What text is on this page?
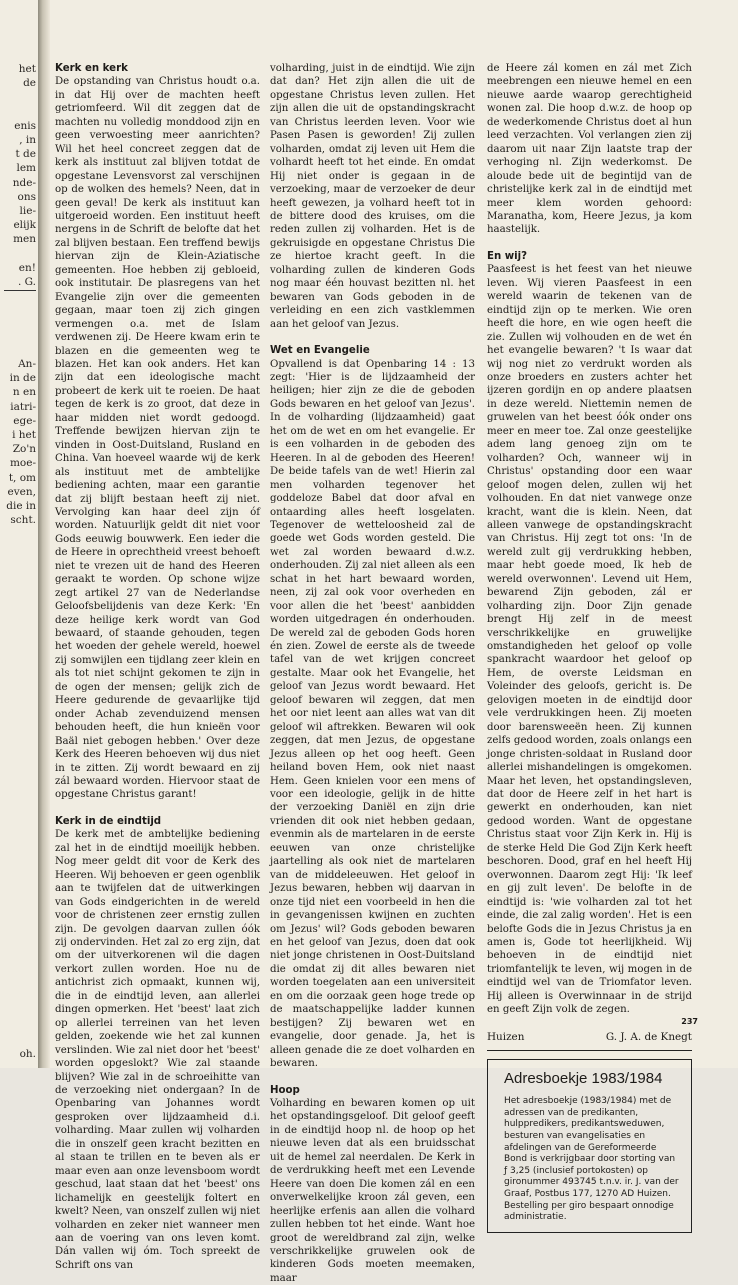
het
de
enis
, in
t de
lem
nde-
ons
lie-
elijk
men
en!
. G.
An-
in de
n en
iatri-
ege-
i het
Zo'n
moe-
t, om
even,
die in
scht.
oh.
Kerk en kerk

De opstanding van Christus houdt o.a. in dat Hij over de machten heeft getriomfeerd. Wil dit zeggen dat de machten nu volledig monddood zijn en geen verwoesting meer aanrichten? Wil het heel concreet zeggen dat de kerk als instituut zal blijven totdat de opgestane Levensvorst zal verschijnen op de wolken des hemels? Neen, dat in geen geval! De kerk als instituut kan uitgeroeid worden. Een instituut heeft nergens in de Schrift de belofte dat het zal blijven bestaan. Een treffend bewijs hiervan zijn de Klein-Aziatische gemeenten. Hoe hebben zij gebloeid, ook institutair. De plasregens van het Evangelie zijn over die gemeenten gegaan, maar toen zij zich gingen vermengen o.a. met de Islam verdwenen zij. De Heere kwam erin te blazen en die gemeenten weg te blazen. Het kan ook anders. Het kan zijn dat een ideologische macht probeert de kerk uit te roeien. De haat tegen de kerk is zo groot, dat deze in haar midden niet wordt gedoogd. Treffende bewijzen hiervan zijn te vinden in Oost-Duitsland, Rusland en China. Van hoeveel waarde wij de kerk als instituut met de ambtelijke bediening achten, maar een garantie dat zij blijft bestaan heeft zij niet. Vervolging kan haar deel zijn óf worden. Natuurlijk geldt dit niet voor Gods eeuwig bouwwerk. Een ieder die de Heere in oprechtheid vreest behoeft niet te vrezen uit de hand des Heeren geraakt te worden. Op schone wijze zegt artikel 27 van de Nederlandse Geloofsbelijdenis van deze Kerk: 'En deze heilige kerk wordt van God bewaard, of staande gehouden, tegen het woeden der gehele wereld, hoewel zij somwijlen een tijdlang zeer klein en als tot niet schijnt gekomen te zijn in de ogen der mensen; gelijk zich de Heere gedurende de gevaarlijke tijd onder Achab zevenduizend mensen behouden heeft, die hun knieën voor Baäl niet gebogen hebben.' Over deze Kerk des Heeren behoeven wij dus niet in te zitten. Zij wordt bewaard en zij zál bewaard worden. Hiervoor staat de opgestane Christus garant!

Kerk in de eindtijd

De kerk met de ambtelijke bediening zal het in de eindtijd moeilijk hebben. Nog meer geldt dit voor de Kerk des Heeren. Wij behoeven er geen ogenblik aan te twijfelen dat de uitwerkingen van Gods eindgerichten in de wereld voor de christenen zeer ernstig zullen zijn. De gevolgen daarvan zullen óók zij ondervinden. Het zal zo erg zijn, dat om der uitverkorenen wil die dagen verkort zullen worden. Hoe nu de antichrist zich opmaakt, kunnen wij, die in de eindtijd leven, aan allerlei dingen opmerken. Het 'beest' laat zich op allerlei terreinen van het leven gelden, zoekende wie het zal kunnen verslinden. Wie zal niet door het 'beest' worden opgeslokt? Wie zal staande blijven? Wie zal in de schroeihitte van de verzoeking niet ondergaan? In de Openbaring van Johannes wordt gesproken over lijdzaamheid d.i. volharding. Maar zullen wij volharden die in onszelf geen kracht bezitten en al staan te trillen en te beven als er maar even aan onze levensboom wordt geschud, laat staan dat het 'beest' ons lichamelijk en geestelijk foltert en kwelt? Neen, van onszelf zullen wij niet volharden en zeker niet wanneer men aan de voering van ons leven komt. Dán vallen wij óm. Toch spreekt de Schrift ons van

volharding, juist in de eindtijd. Wie zijn dat dan? Het zijn allen die uit de opgestane Christus leven zullen. Het zijn allen die uit de opstandingskracht van Christus leerden leven. Voor wie Pasen Pasen is geworden! Zij zullen volharden, omdat zij leven uit Hem die volhardt heeft tot het einde. En omdat Hij niet onder is gegaan in de verzoeking, maar de verzoeker de deur heeft gewezen, ja volhard heeft tot in de bittere dood des kruises, om die reden zullen zij volharden. Het is de gekruisigde en opgestane Christus Die ze hiertoe kracht geeft. In die volharding zullen de kinderen Gods nog maar één houvast bezitten nl. het bewaren van Gods geboden in de verleiding en een zich vastklemmen aan het geloof van Jezus.

Wet en Evangelie

Opvallend is dat Openbaring 14 : 13 zegt: 'Hier is de lijdzaamheid der heiligen; hier zijn ze die de geboden Gods bewaren en het geloof van Jezus'. In de volharding (lijdzaamheid) gaat het om de wet en om het evangelie. Er is een volharden in de geboden des Heeren. In al de geboden des Heeren! De beide tafels van de wet! Hierin zal men volharden tegenover het goddeloze Babel dat door afval en ontaarding alles heeft losgelaten. Tegenover de wetteloosheid zal de goede wet Gods worden gesteld. Die wet zal worden bewaard d.w.z. onderhouden. Zij zal niet alleen als een schat in het hart bewaard worden, neen, zij zal ook voor overheden en voor allen die het 'beest' aanbidden worden uitgedragen én onderhouden. De wereld zal de geboden Gods horen én zien. Zowel de eerste als de tweede tafel van de wet krijgen concreet gestalte. Maar ook het Evangelie, het geloof van Jezus wordt bewaard. Het geloof bewaren wil zeggen, dat men het oor niet leent aan alles wat van dit geloof wil aftrekken. Bewaren wil ook zeggen, dat men Jezus, de opgestane Jezus alleen op het oog heeft. Geen heiland boven Hem, ook niet naast Hem. Geen knielen voor een mens of voor een ideologie, gelijk in de hitte der verzoeking Daniël en zijn drie vrienden dit ook niet hebben gedaan, evenmin als de martelaren in de eerste eeuwen van onze christelijke jaartelling als ook niet de martelaren van de middeleeuwen. Het geloof in Jezus bewaren, hebben wij daarvan in onze tijd niet een voorbeeld in hen die in gevangenissen kwijnen en zuchten om Jezus' wil? Gods geboden bewaren en het geloof van Jezus, doen dat ook niet jonge christenen in Oost-Duitsland die omdat zij dit alles bewaren niet worden toegelaten aan een universiteit en om die oorzaak geen hoge trede op de maatschappelijke ladder kunnen bestijgen? Zij bewaren wet en evangelie, door genade. Ja, het is alleen genade die ze doet volharden en bewaren.

Hoop

Volharding en bewaren komen op uit het opstandingsgeloof. Dit geloof geeft in de eindtijd hoop nl. de hoop op het nieuwe leven dat als een bruidsschat uit de hemel zal neerdalen. De Kerk in de verdrukking heeft met een Levende Heere van doen Die komen zál en een onverwelkelijke kroon zál geven, een heerlijke erfenis aan allen die volhard zullen hebben tot het einde. Want hoe groot de wereldbrand zal zijn, welke verschrikkelijke gruwelen ook de kinderen Gods moeten meemaken, maar

de Heere zál komen en zál met Zich meebrengen een nieuwe hemel en een nieuwe aarde waarop gerechtigheid wonen zal. Die hoop d.w.z. de hoop op de wederkomende Christus doet al hun leed verzachten. Vol verlangen zien zij daarom uit naar Zijn laatste trap der verhoging nl. Zijn wederkomst. De aloude bede uit de begintijd van de christelijke kerk zal in de eindtijd met meer klem worden gehoord: Maranatha, kom, Heere Jezus, ja kom haastelijk.

En wij?

Paasfeest is het feest van het nieuwe leven. Wij vieren Paasfeest in een wereld waarin de tekenen van de eindtijd zijn op te merken. Wie oren heeft die hore, en wie ogen heeft die zie. Zullen wij volhouden en de wet én het evangelie bewaren? 't Is waar dat wij nog niet zo verdrukt worden als onze broeders en zusters achter het ijzeren gordijn en op andere plaatsen in deze wereld. Niettemin nemen de gruwelen van het beest óók onder ons meer en meer toe. Zal onze geestelijke adem lang genoeg zijn om te volharden? Och, wanneer wij in Christus' opstanding door een waar geloof mogen delen, zullen wij het volhouden. En dat niet vanwege onze kracht, want die is klein. Neen, dat alleen vanwege de opstandingskracht van Christus. Hij zegt tot ons: 'In de wereld zult gij verdrukking hebben, maar hebt goede moed, Ik heb de wereld overwonnen'. Levend uit Hem, bewarend Zijn geboden, zál er volharding zijn. Door Zijn genade brengt Hij zelf in de meest verschrikkelijke en gruwelijke omstandigheden het geloof op volle spankracht waardoor het geloof op Hem, de overste Leidsman en Voleinder des geloofs, gericht is. De gelovigen moeten in de eindtijd door vele verdrukkingen heen. Zij moeten door barensweeën heen. Zij kunnen zelfs gedood worden, zoals onlangs een jonge christen-soldaat in Rusland door allerlei mishandelingen is omgekomen. Maar het leven, het opstandingsleven, dat door de Heere zelf in het hart is gewerkt en onderhouden, kan niet gedood worden. Want de opgestane Christus staat voor Zijn Kerk in. Hij is de sterke Held Die God Zijn Kerk heeft beschoren. Dood, graf en hel heeft Hij overwonnen. Daarom zegt Hij: 'Ik leef en gij zult leven'. De belofte in de eindtijd is: 'wie volharden zal tot het einde, die zal zalig worden'. Het is een belofte Gods die in Jezus Christus ja en amen is, Gode tot heerlijkheid. Wij behoeven in de eindtijd niet triomfantelijk te leven, wij mogen in de eindtijd wel van de Triomfator leven. Hij alleen is Overwinnaar in de strijd en geeft Zijn volk de zegen.

Huizen	G. J. A. de Knegt
Adresboekje 1983/1984

Het adresboekje (1983/1984) met de adressen van de predikanten, hulppredikers, predikantsweduwen, besturen van evangelisaties en afdelingen van de Gereformeerde Bond is verkrijgbaar door storting van ƒ 3,25 (inclusief portokosten) op gironummer 493745 t.n.v. ir. J. van der Graaf, Postbus 177, 1270 AD Huizen.

Bestelling per giro bespaart onnodige administratie.

237
